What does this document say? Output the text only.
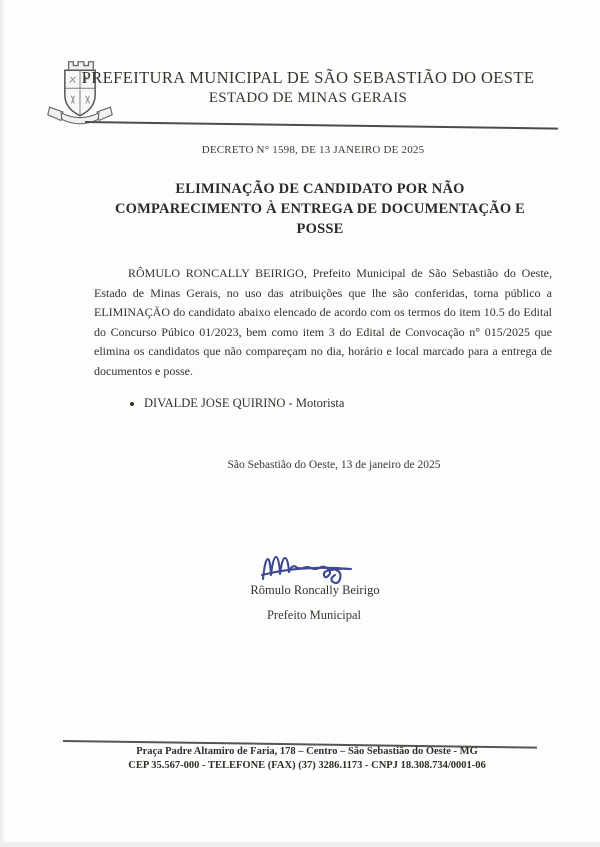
PREFEITURA MUNICIPAL DE SÃO SEBASTIÃO DO OESTE
ESTADO DE MINAS GERAIS
DECRETO N° 1598, DE 13 JANEIRO DE 2025
ELIMINAÇÃO DE CANDIDATO POR NÃO
COMPARECIMENTO À ENTREGA DE DOCUMENTAÇÃO E
POSSE
RÔMULO RONCALLY BEIRIGO, Prefeito Municipal de São Sebastião do Oeste, Estado de Minas Gerais, no uso das atribuições que lhe são conferidas, torna público a ELIMINAÇÃO do candidato abaixo elencado de acordo com os termos do item 10.5 do Edital do Concurso Púbico 01/2023, bem como item 3 do Edital de Convocação n° 015/2025 que elimina os candidatos que não compareçam no dia, horário e local marcado para a entrega de documentos e posse.
• DIVALDE JOSE QUIRINO - Motorista
São Sebastião do Oeste, 13 de janeiro de 2025
Rômulo Roncally Beirigo
Prefeito Municipal
Praça Padre Altamiro de Faria, 178 – Centro – São Sebastião do Oeste - MG
CEP 35.567-000 - TELEFONE (FAX) (37) 3286.1173 - CNPJ 18.308.734/0001-06
